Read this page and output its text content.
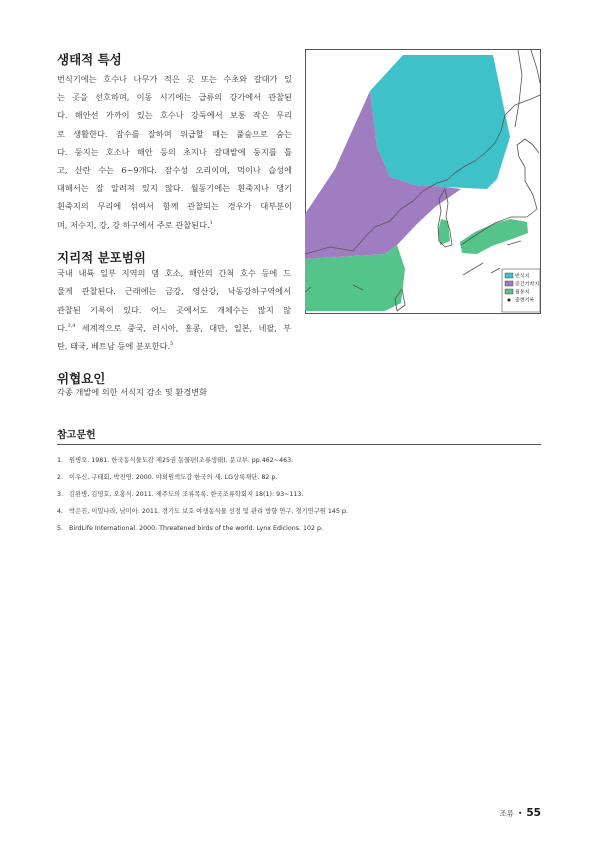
생태적 특성

번식기에는 호수나 나무가 적은 곳 또는 수초와 갈대가 있
는 곳을 선호하며, 이동 시기에는 급류의 강가에서 관찰된
다. 해안선 가까이 있는 호수나 강둑에서 보통 작은 무리
로 생활한다. 잠수를 잘하며 위급할 때는 풀숲으로 숨는
다. 둥지는 호소나 해안 등의 초지나 갈대밭에 둥지를 틀
고, 산란 수는 6~9개다. 잠수성 오리이며, 먹이나 습성에
대해서는 잘 알려져 있지 않다. 월동기에는 흰죽지나 댕기
흰죽지의 무리에 섞여서 함께 관찰되는 경우가 대부분이
며, 저수지, 강, 강 하구에서 주로 관찰된다.$^1$

지리적 분포범위

국내 내륙 일부 지역의 댐 호소, 해안의 간척 호수 등에 드
물게 관찰된다. 근래에는 금강, 영산강, 낙동강하구역에서
관찰된 기록이 있다. 어느 곳에서도 개체수는 많지 않
다.$^{3,4}$ 세계적으로 중국, 러시아, 홍콩, 대만, 일본, 네팔, 부
탄, 태국, 베트남 등에 분포한다.$^5$

위협요인

각종 개발에 의한 서식지 감소 및 환경변화

참고문헌
1. 원병오. 1981. 한국동식물도감 제25권 동물편(조류생태). 문교부. pp.462~463.
2. 이우신, 구태회, 박진영. 2000. 야외원색도감 한국의 새. LG상록재단. 82 p.
3. 김완병, 김영호, 오홍식. 2011. 제주도의 조류목록. 한국조류학회지 18(1): 93~113.
4. 박은진, 이밀나라, 남미아. 2011. 경기도 보호 야생동식물 선정 및 관리 방향 연구. 경기연구원 145 p.
5. BirdLife International. 2000. Threatened birds of the world. Lynx Edicions. 102 p.
번식지
중간기착지
월동지
출현기록
조류 • 55
